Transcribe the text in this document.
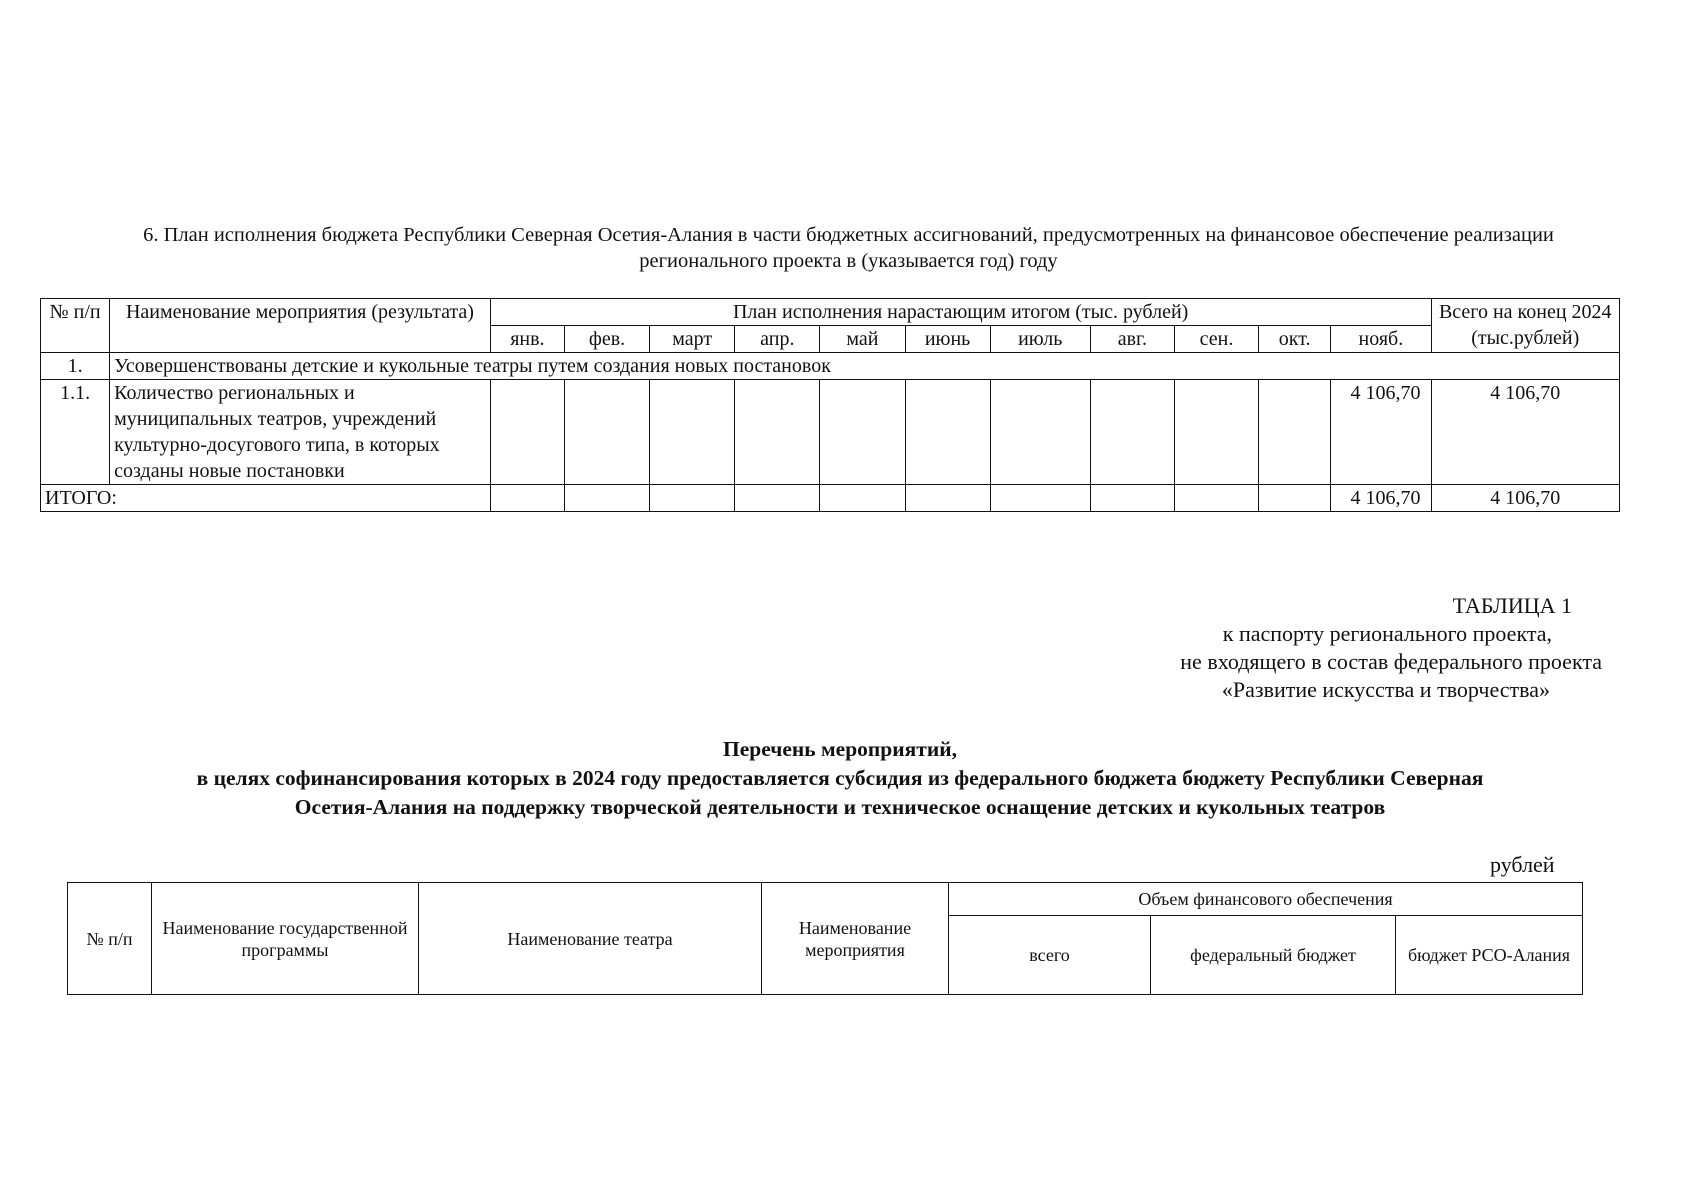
6. План исполнения бюджета Республики Северная Осетия-Алания в части бюджетных ассигнований, предусмотренных на финансовое обеспечение реализации
регионального проекта в (указывается год) году
№ п/п	Наименование мероприятия (результата)	План исполнения нарастающим итогом (тыс. рублей)											Всего на конец 2024 (тыс.рублей)
		янв.	фев.	март	апр.	май	июнь	июль	авг.	сен.	окт.	нояб.	
1.	Усовершенствованы детские и кукольные театры путем создания новых постановок												
1.1.	Количество региональных и муниципальных театров, учреждений культурно-досугового типа, в которых созданы новые постановки											4 106,70	4 106,70
ИТОГО:												4 106,70	4 106,70
ТАБЛИЦА 1
к паспорту регионального проекта,
не входящего в состав федерального проекта
«Развитие искусства и творчества»
Перечень мероприятий,
в целях софинансирования которых в 2024 году предоставляется субсидия из федерального бюджета бюджету Республики Северная
Осетия-Алания на поддержку творческой деятельности и техническое оснащение детских и кукольных театров
рублей
№ п/п	Наименование государственной программы	Наименование театра	Наименование мероприятия	Объем финансового обеспечения		
				всего	федеральный бюджет	бюджет РСО-Алания
